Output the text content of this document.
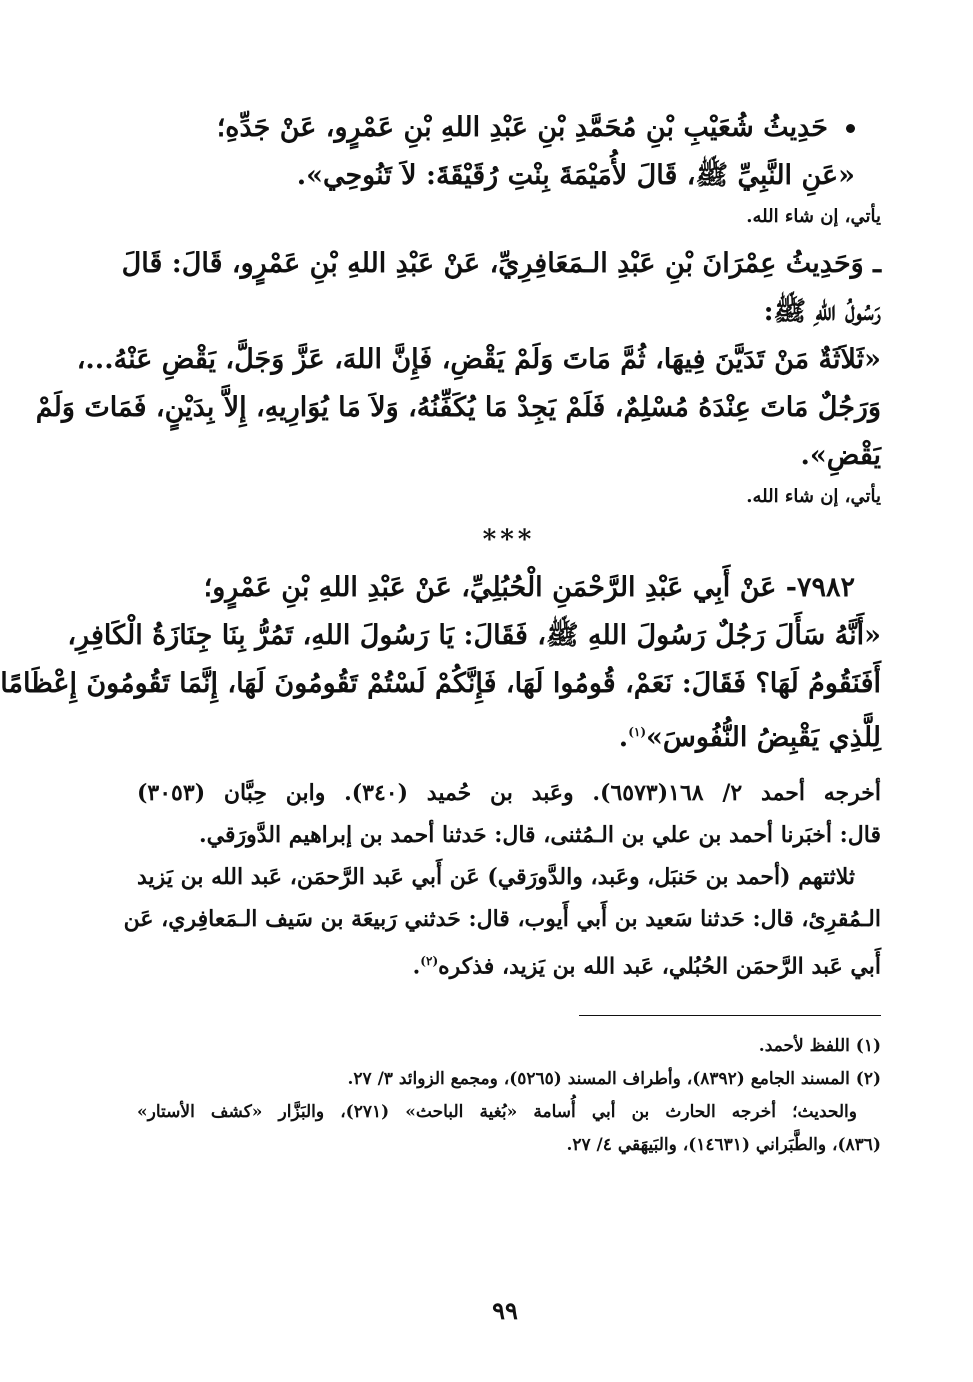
حَدِيثُ شُعَيْبِ بْنِ مُحَمَّدِ بْنِ عَبْدِ اللهِ بْنِ عَمْرٍو، عَنْ جَدِّهِ؛

«عَنِ النَّبِيِّ ﷺ، قَالَ لأُمَيْمَةَ بِنْتِ رُقَيْقَةَ: لاَ تَنُوحِي».

يأتي، إن شاء الله.

ـ وَحَدِيثُ عِمْرَانَ بْنِ عَبْدِ الـمَعَافِرِيِّ، عَنْ عَبْدِ اللهِ بْنِ عَمْرٍو، قَالَ: قَالَ

رَسُولُ اللهِ ﷺ:

«ثَلاَثَةٌ مَنْ تَدَيَّنَ فِيهَا، ثُمَّ مَاتَ وَلَمْ يَقْضِ، فَإِنَّ اللهَ، عَزَّ وَجَلَّ، يَقْضِ عَنْهُ...،

وَرَجُلٌ مَاتَ عِنْدَهُ مُسْلِمٌ، فَلَمْ يَجِدْ مَا يُكَفِّنُهُ، وَلاَ مَا يُوَارِيهِ، إِلاَّ بِدَيْنٍ، فَمَاتَ وَلَمْ

يَقْضِ».

يأتي، إن شاء الله.

***

٧٩٨٢- عَنْ أَبِي عَبْدِ الرَّحْمَنِ الْحُبُلِيِّ، عَنْ عَبْدِ اللهِ بْنِ عَمْرٍو؛

«أَنَّهُ سَأَلَ رَجُلٌ رَسُولَ اللهِ ﷺ، فَقَالَ: يَا رَسُولَ اللهِ، تَمُرُّ بِنَا جِنَازَةُ الْكَافِرِ،

أَفَنَقُومُ لَهَا؟ فَقَالَ: نَعَمْ، قُومُوا لَهَا، فَإِنَّكُمْ لَسْتُمْ تَقُومُونَ لَهَا، إِنَّمَا تَقُومُونَ إِعْظَامًا

لِلَّذِي يَقْبِضُ النُّفُوسَ»$^{(١)}$.

أخرجه أحمد ٢/ ١٦٨(٦٥٧٣). وعَبد بن حُميد (٣٤٠). وابن حِبَّان (٣٠٥٣)

قال: أخبَرنا أحمد بن علي بن الـمُثنى، قال: حَدثنا أحمد بن إبراهيم الدَّورَقي.

ثلاثتهم (أحمد بن حَنبَل، وعَبد، والدَّورَقي) عَن أَبي عَبد الرَّحمَن، عَبد الله بن يَزيد

الـمُقرِئ، قال: حَدثنا سَعيد بن أَبي أَيوب، قال: حَدثني رَبيعَة بن سَيف الـمَعافِري، عَن

أَبي عَبد الرَّحمَن الحُبُلي، عَبد الله بن يَزيد، فذكره$^{(٢)}$.

(١) اللفظ لأحمد.

(٢) المسند الجامع (٨٣٩٢)، وأطراف المسند (٥٢٦٥)، ومجمع الزوائد ٣/ ٢٧.

والحديث؛ أخرجه الحارث بن أبي أُسامة «بُغية الباحث» (٢٧١)، والبَزَّار «كشف الأستار»

(٨٣٦)، والطَّبَراني (١٤٦٣١)، والبَيهَقي ٤/ ٢٧.

٩٩
